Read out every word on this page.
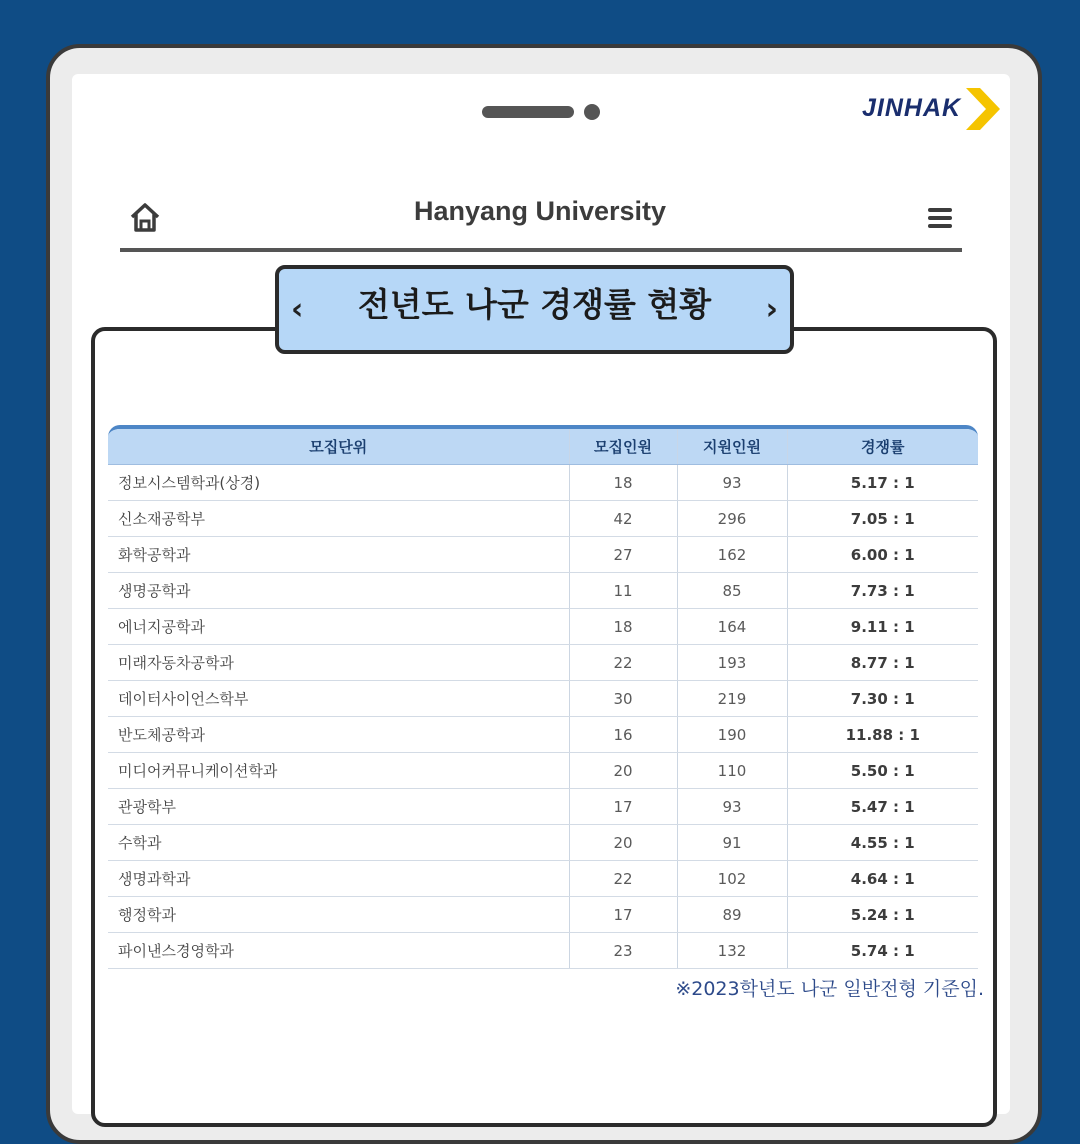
JINHAK
Hanyang University
‹	전년도 나군 경쟁률 현황	›
모집단위	모집인원	지원인원	경쟁률
정보시스템학과(상경)	18	93	5.17 : 1
신소재공학부	42	296	7.05 : 1
화학공학과	27	162	6.00 : 1
생명공학과	11	85	7.73 : 1
에너지공학과	18	164	9.11 : 1
미래자동차공학과	22	193	8.77 : 1
데이터사이언스학부	30	219	7.30 : 1
반도체공학과	16	190	11.88 : 1
미디어커뮤니케이션학과	20	110	5.50 : 1
관광학부	17	93	5.47 : 1
수학과	20	91	4.55 : 1
생명과학과	22	102	4.64 : 1
행정학과	17	89	5.24 : 1
파이낸스경영학과	23	132	5.74 : 1
※2023학년도 나군 일반전형 기준임.
